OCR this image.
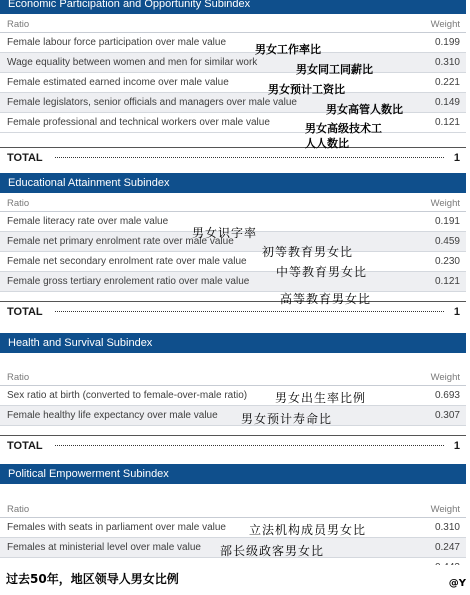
Economic Participation and Opportunity Subindex
Ratio	Weight
Female labour force participation over male value	0.199
Wage equality between women and men for similar work	0.310
Female estimated earned income over male value	0.221
Female legislators, senior officials and managers over male value	0.149
Female professional and technical workers over male value	0.121
TOTAL	1
Educational Attainment Subindex
Ratio	Weight
Female literacy rate over male value	0.191
Female net primary enrolment rate over male value	0.459
Female net secondary enrolment rate over male value	0.230
Female gross tertiary enrolement ratio over male value	0.121
TOTAL	1
Health and Survival Subindex
Ratio	Weight
Sex ratio at birth (converted to female-over-male ratio)	0.693
Female healthy life expectancy over male value	0.307
TOTAL	1
Political Empowerment Subindex
Ratio	Weight
Females with seats in parliament over male value	0.310
Females at ministerial level over male value	0.247
男女工作率比
男女同工同薪比
男女预计工资比
男女高管人数比
男女高级技术工
人人数比
男女识字率
初等教育男女比
中等教育男女比
高等教育男女比
男女出生率比例
男女预计寿命比
立法机构成员男女比
部长级政客男女比
过去50年，地区领导人男女比例	@Y
